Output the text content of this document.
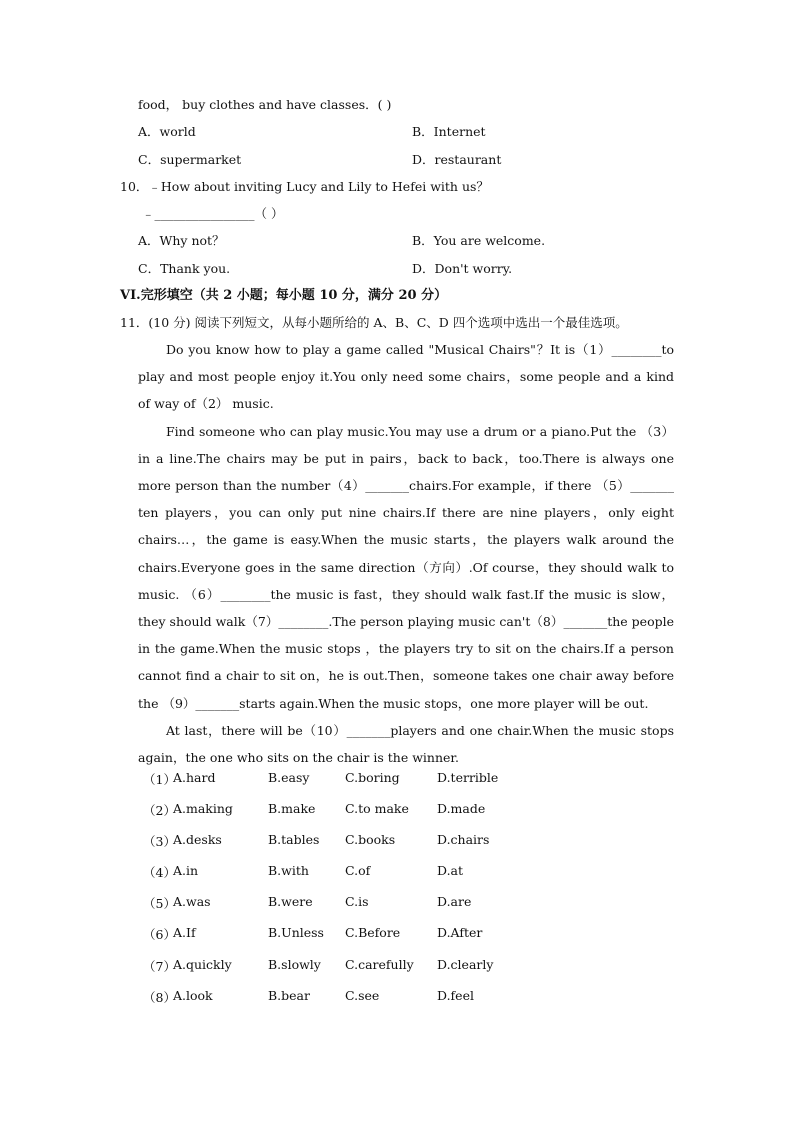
food， buy clothes and have classes．( )
A．world	B．Internet
C．supermarket	D．restaurant
10．﹣How about inviting Lucy and Lily to Hefei with us？
﹣________________（ ）
A．Why not？	B．You are welcome.
C．Thank you.	D．Don't worry.
VI.完形填空（共 2 小题；每小题 10 分，满分 20 分）
11．(10 分) 阅读下列短文，从每小题所给的 A、B、C、D 四个选项中选出一个最佳选项。

Do you know how to play a game called "Musical Chairs"？It is（1）________to play and most people enjoy it.You only need some chairs，some people and a kind of way of（2） music.

Find someone who can play music.You may use a drum or a piano.Put the （3） in a line.The chairs may be put in pairs，back to back，too.There is always one more person than the number（4）_______chairs.For example，if there （5）_______ ten players，you can only put nine chairs.If there are nine players，only eight chairs…，the game is easy.When the music starts，the players walk around the chairs.Everyone goes in the same direction（方向）.Of course，they should walk to music. （6）________the music is fast，they should walk fast.If the music is slow，they should walk（7）________.The person playing music can't（8）_______the people in the game.When the music stops ，the players try to sit on the chairs.If a person cannot find a chair to sit on，he is out.Then，someone takes one chair away before the （9）_______starts again.When the music stops，one more player will be out.

At last，there will be（10）_______players and one chair.When the music stops again，the one who sits on the chair is the winner.

（1）
A.hard	B.easy	C.boring	D.terrible
（2）
A.making	B.make C.to make D.made
（3）
A.desks	B.tables C.books	D.chairs
（4）
A.in	B.with	C.of	D.at
（5）
A.was	B.were	C.is	D.are
（6）
A.If	B.Unless C.Before	D.After
（7）
A.quickly	B.slowly C.carefully D.clearly
（8）
A.look	B.bear	C.see	D.feel
